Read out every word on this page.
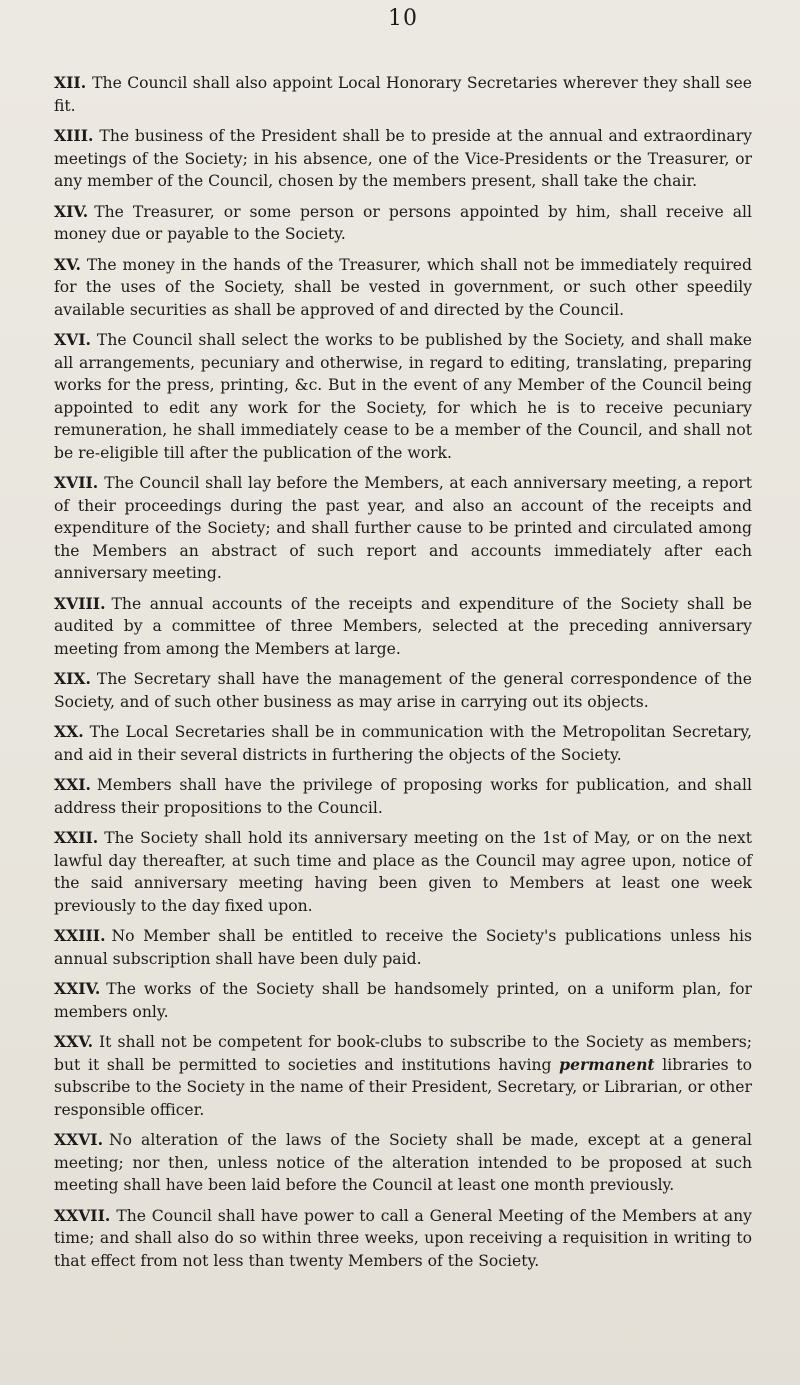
10

XII. The Council shall also appoint Local Honorary Secretaries wherever they shall see fit.

XIII. The business of the President shall be to preside at the annual and extraordinary meetings of the Society; in his absence, one of the Vice-Presidents or the Treasurer, or any member of the Council, chosen by the members present, shall take the chair.

XIV. The Treasurer, or some person or persons appointed by him, shall receive all money due or payable to the Society.

XV. The money in the hands of the Treasurer, which shall not be immediately required for the uses of the Society, shall be vested in government, or such other speedily available securities as shall be approved of and directed by the Council.

XVI. The Council shall select the works to be published by the Society, and shall make all arrangements, pecuniary and otherwise, in regard to editing, translating, preparing works for the press, printing, &c. But in the event of any Member of the Council being appointed to edit any work for the Society, for which he is to receive pecuniary remuneration, he shall immediately cease to be a member of the Council, and shall not be re-eligible till after the publication of the work.

XVII. The Council shall lay before the Members, at each anniversary meeting, a report of their proceedings during the past year, and also an account of the receipts and expenditure of the Society; and shall further cause to be printed and circulated among the Members an abstract of such report and accounts immediately after each anniversary meeting.

XVIII. The annual accounts of the receipts and expenditure of the Society shall be audited by a committee of three Members, selected at the preceding anniversary meeting from among the Members at large.

XIX. The Secretary shall have the management of the general correspondence of the Society, and of such other business as may arise in carrying out its objects.

XX. The Local Secretaries shall be in communication with the Metropolitan Secretary, and aid in their several districts in furthering the objects of the Society.

XXI. Members shall have the privilege of proposing works for publication, and shall address their propositions to the Council.

XXII. The Society shall hold its anniversary meeting on the 1st of May, or on the next lawful day thereafter, at such time and place as the Council may agree upon, notice of the said anniversary meeting having been given to Members at least one week previously to the day fixed upon.

XXIII. No Member shall be entitled to receive the Society's publications unless his annual subscription shall have been duly paid.

XXIV. The works of the Society shall be handsomely printed, on a uniform plan, for members only.

XXV. It shall not be competent for book-clubs to subscribe to the Society as members; but it shall be permitted to societies and institutions having permanent libraries to subscribe to the Society in the name of their President, Secretary, or Librarian, or other responsible officer.

XXVI. No alteration of the laws of the Society shall be made, except at a general meeting; nor then, unless notice of the alteration intended to be proposed at such meeting shall have been laid before the Council at least one month previously.

XXVII. The Council shall have power to call a General Meeting of the Members at any time; and shall also do so within three weeks, upon receiving a requisition in writing to that effect from not less than twenty Members of the Society.
